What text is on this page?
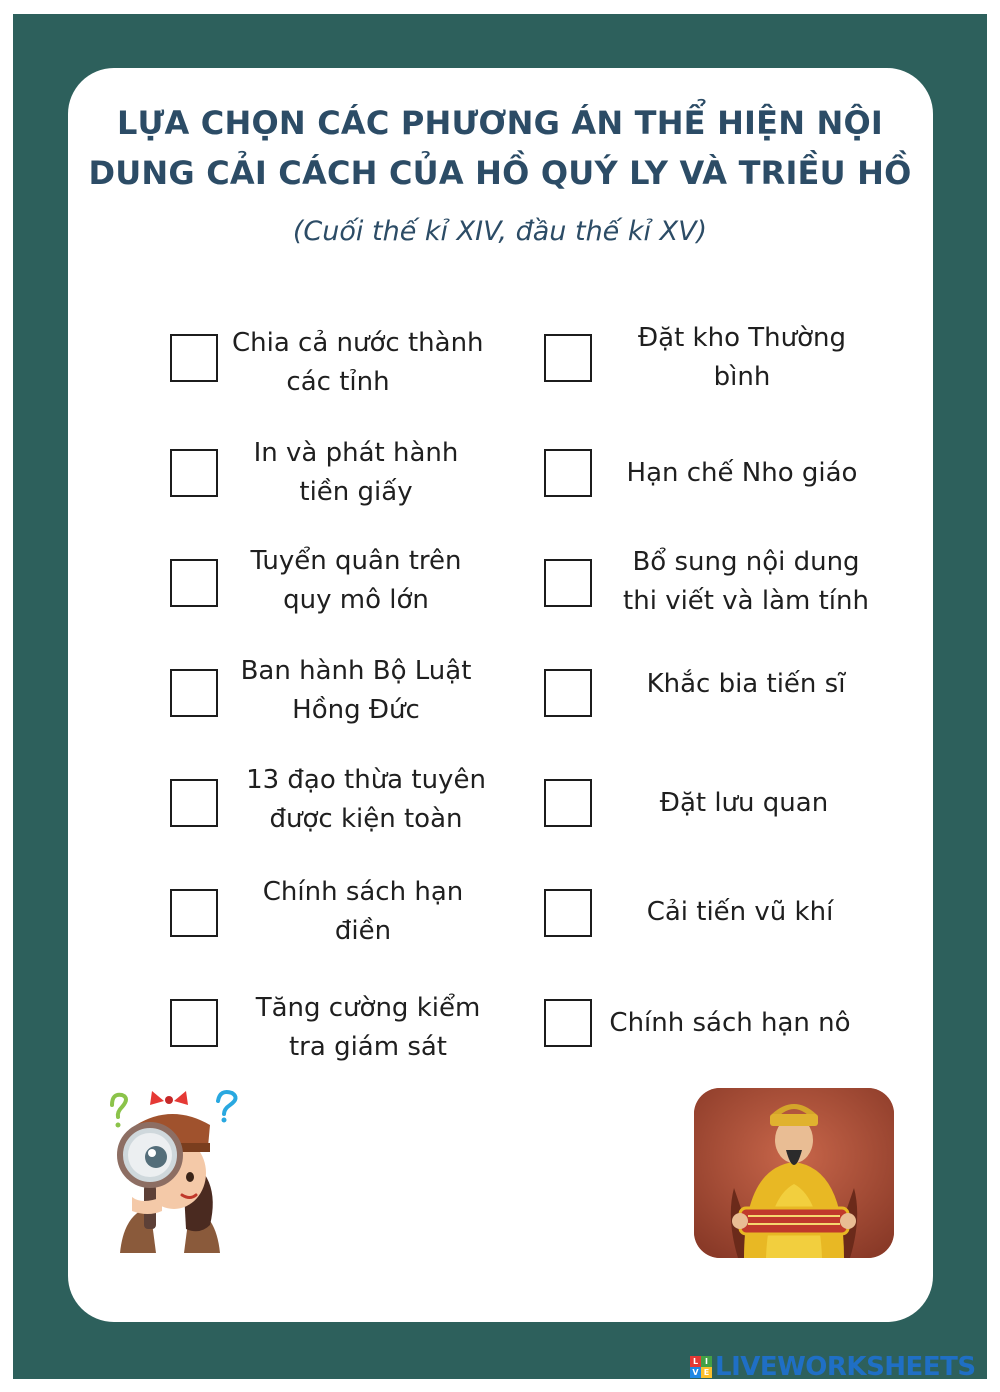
LỰA CHỌN CÁC PHƯƠNG ÁN THỂ HIỆN NỘI
DUNG CẢI CÁCH CỦA HỒ QUÝ LY VÀ TRIỀU HỒ
(Cuối thế kỉ XIV, đầu thế kỉ XV)
Chia cả nước thành
các tỉnh
In và phát hành
tiền giấy
Tuyển quân trên
quy mô lớn
Ban hành Bộ Luật
Hồng Đức
13 đạo thừa tuyên
được kiện toàn
Chính sách hạn
điền
Tăng cường kiểm
tra giám sát
Đặt kho Thường
bình
Hạn chế Nho giáo
Bổ sung nội dung
thi viết và làm tính
Khắc bia tiến sĩ
Đặt lưu quan
Cải tiến vũ khí
Chính sách hạn nô
L I
V E LIVEWORKSHEETS
